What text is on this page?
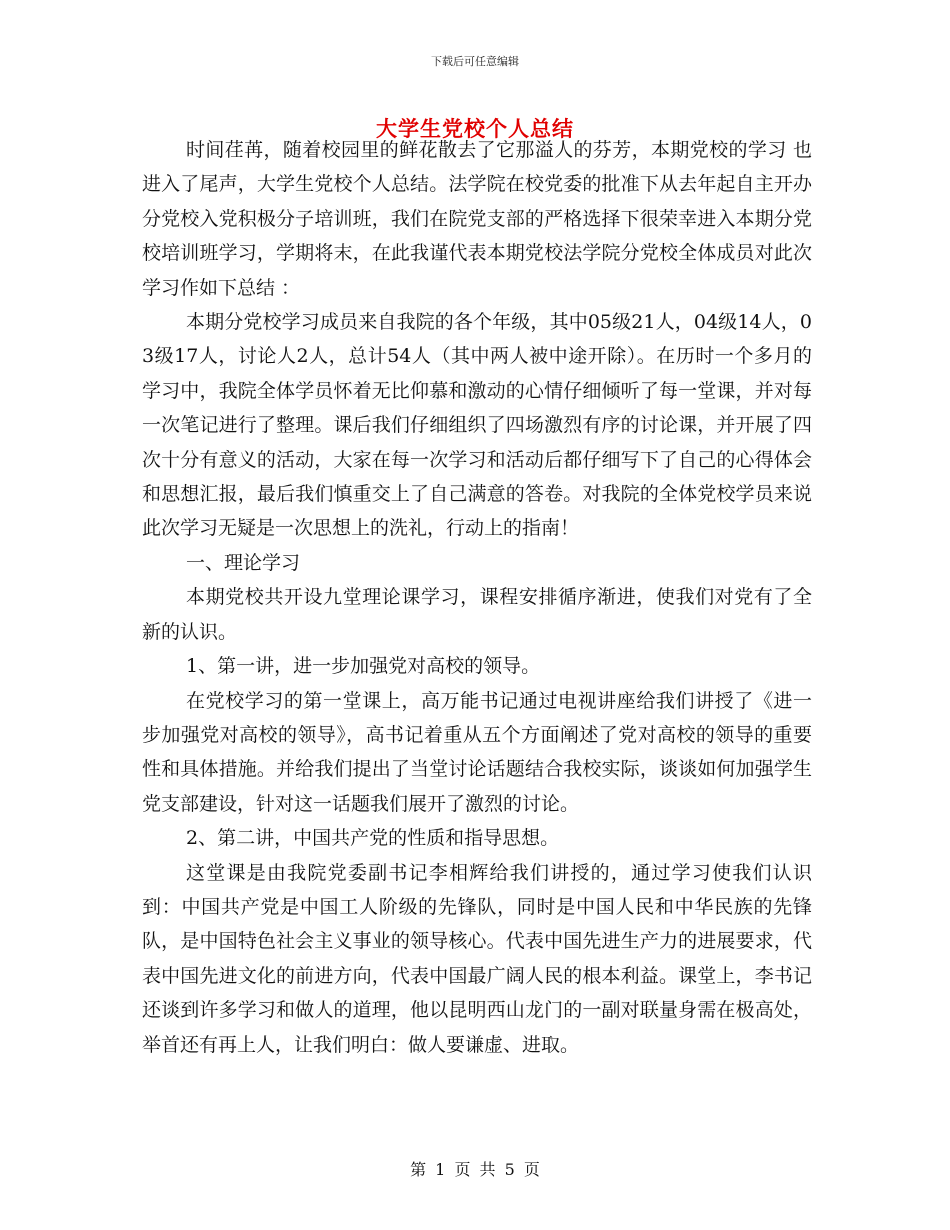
下载后可任意编辑
大学生党校个人总结

时间荏苒，随着校园里的鲜花散去了它那溢人的芬芳，本期党校的学习 也进入了尾声，大学生党校个人总结。法学院在校党委的批准下从去年起自主开办分党校入党积极分子培训班，我们在院党支部的严格选择下很荣幸进入本期分党校培训班学习，学期将末，在此我谨代表本期党校法学院分党校全体成员对此次学习作如下总结 ：

本期分党校学习成员来自我院的各个年级，其中05级21人，04级14人，03级17人，讨论人2人，总计54人（其中两人被中途开除）。在历时一个多月的学习中，我院全体学员怀着无比仰慕和激动的心情仔细倾听了每一堂课，并对每一次笔记进行了整理。课后我们仔细组织了四场激烈有序的讨论课，并开展了四次十分有意义的活动，大家在每一次学习和活动后都仔细写下了自己的心得体会和思想汇报，最后我们慎重交上了自己满意的答卷。对我院的全体党校学员来说此次学习无疑是一次思想上的洗礼，行动上的指南！

一、理论学习

本期党校共开设九堂理论课学习，课程安排循序渐进，使我们对党有了全新的认识。

1、第一讲，进一步加强党对高校的领导。

在党校学习的第一堂课上，高万能书记通过电视讲座给我们讲授了《进一步加强党对高校的领导》，高书记着重从五个方面阐述了党对高校的领导的重要性和具体措施。并给我们提出了当堂讨论话题结合我校实际，谈谈如何加强学生 党支部建设，针对这一话题我们展开了激烈的讨论。

2、第二讲，中国共产党的性质和指导思想。

这堂课是由我院党委副书记李相辉给我们讲授的，通过学习使我们认识到：中国共产党是中国工人阶级的先锋队，同时是中国人民和中华民族的先锋队，是中国特色社会主义事业的领导核心。代表中国先进生产力的进展要求，代表中国先进文化的前进方向，代表中国最广阔人民的根本利益。课堂上，李书记还谈到许多学习和做人的道理，他以昆明西山龙门的一副对联量身需在极高处，举首还有再上人，让我们明白：做人要谦虚、进取。

第 1 页 共 5 页
